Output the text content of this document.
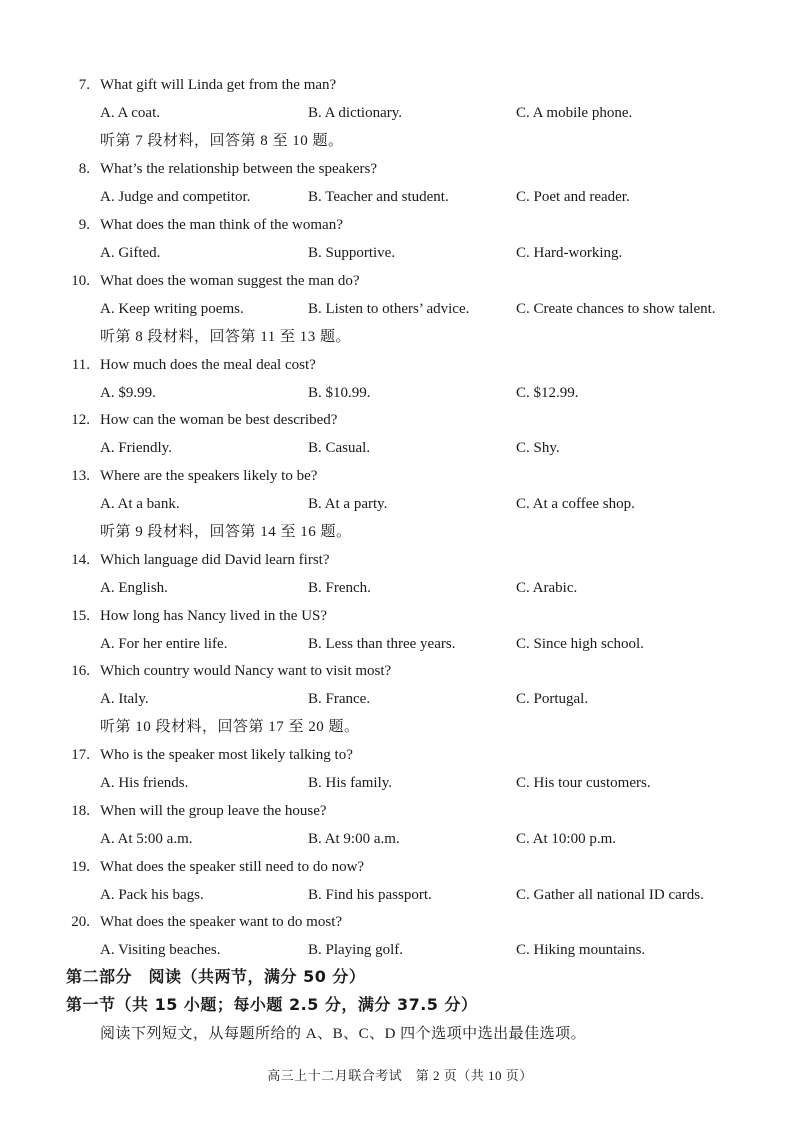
7. What gift will Linda get from the man?
A. A coat.	B. A dictionary.	C. A mobile phone.
听第 7 段材料，回答第 8 至 10 题。
8. What’s the relationship between the speakers?
A. Judge and competitor.	B. Teacher and student.	C. Poet and reader.
9. What does the man think of the woman?
A. Gifted.	B. Supportive.	C. Hard-working.
10. What does the woman suggest the man do?
A. Keep writing poems.	B. Listen to others’ advice.	C. Create chances to show talent.
听第 8 段材料，回答第 11 至 13 题。
11. How much does the meal deal cost?
A. $9.99.	B. $10.99.	C. $12.99.
12. How can the woman be best described?
A. Friendly.	B. Casual.	C. Shy.
13. Where are the speakers likely to be?
A. At a bank.	B. At a party.	C. At a coffee shop.
听第 9 段材料，回答第 14 至 16 题。
14. Which language did David learn first?
A. English.	B. French.	C. Arabic.
15. How long has Nancy lived in the US?
A. For her entire life.	B. Less than three years.	C. Since high school.
16. Which country would Nancy want to visit most?
A. Italy.	B. France.	C. Portugal.
听第 10 段材料，回答第 17 至 20 题。
17. Who is the speaker most likely talking to?
A. His friends.	B. His family.	C. His tour customers.
18. When will the group leave the house?
A. At 5:00 a.m.	B. At 9:00 a.m.	C. At 10:00 p.m.
19. What does the speaker still need to do now?
A. Pack his bags.	B. Find his passport.	C. Gather all national ID cards.
20. What does the speaker want to do most?
A. Visiting beaches.	B. Playing golf.	C. Hiking mountains.
第二部分　阅读（共两节，满分 50 分）
第一节（共 15 小题；每小题 2.5 分，满分 37.5 分）
阅读下列短文，从每题所给的 A、B、C、D 四个选项中选出最佳选项。
高三上十二月联合考试　第 2 页（共 10 页）
